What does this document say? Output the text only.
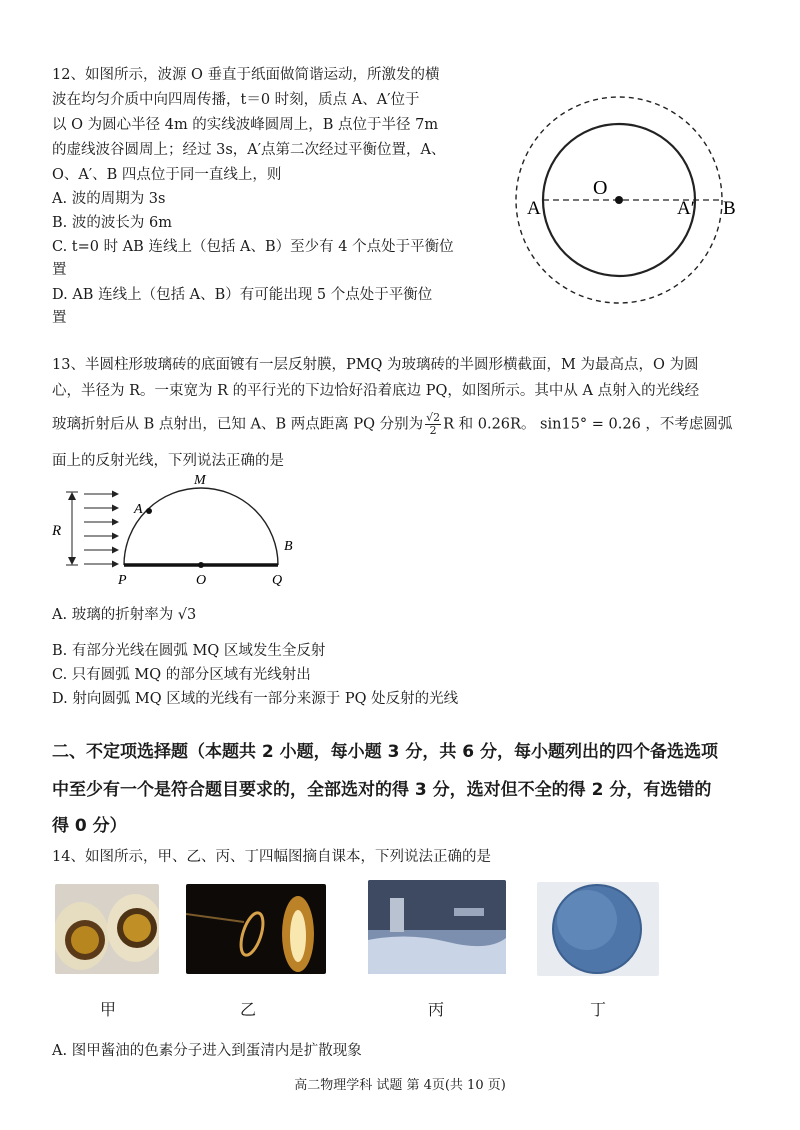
12、如图所示，波源 O 垂直于纸面做简谐运动，所激发的横
波在均匀介质中向四周传播，t＝0 时刻，质点 A、A′位于
以 O 为圆心半径 4m 的实线波峰圆周上，B 点位于半径 7m
的虚线波谷圆周上；经过 3s，A′点第二次经过平衡位置，A、
O、A′、B 四点位于同一直线上，则
A. 波的周期为 3s
B. 波的波长为 6m
C. t=0 时 AB 连线上（包括 A、B）至少有 4 个点处于平衡位
置
D. AB 连线上（包括 A、B）有可能出现 5 个点处于平衡位
置
O
A	A′ B
13、半圆柱形玻璃砖的底面镀有一层反射膜，PMQ 为玻璃砖的半圆形横截面，M 为最高点，O 为圆
心，半径为 R。一束宽为 R 的平行光的下边恰好沿着底边 PQ，如图所示。其中从 A 点射入的光线经
玻璃折射后从 B 点射出，已知 A、B 两点距离 PQ 分别为 $\frac{√2}{2}$ R 和 0.26R。 sin15° = 0.26 ，不考虑圆弧
面上的反射光线，下列说法正确的是
R
M
A
B
P	O	Q
A. 玻璃的折射率为 √3
B. 有部分光线在圆弧 MQ 区域发生全反射
C. 只有圆弧 MQ 的部分区域有光线射出
D. 射向圆弧 MQ 区域的光线有一部分来源于 PQ 处反射的光线
二、不定项选择题（本题共 2 小题，每小题 3 分，共 6 分，每小题列出的四个备选选项
中至少有一个是符合题目要求的，全部选对的得 3 分，选对但不全的得 2 分，有选错的
得 0 分）
14、如图所示，甲、乙、丙、丁四幅图摘自课本，下列说法正确的是
甲	乙	丙	丁
A. 图甲酱油的色素分子进入到蛋清内是扩散现象
高二物理学科 试题 第 4页(共 10 页)
